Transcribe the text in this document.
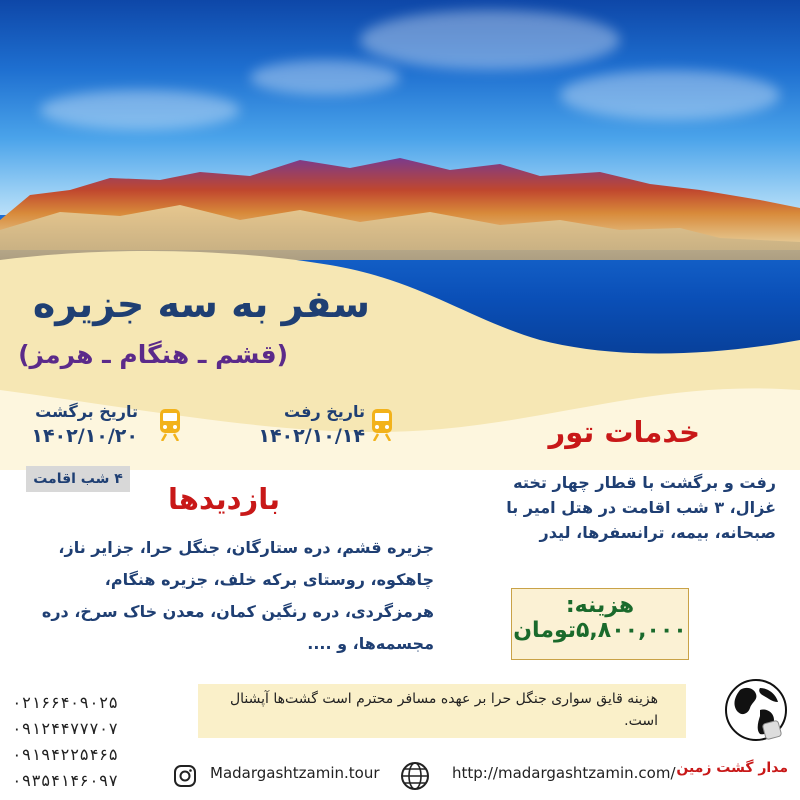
سفر به سه جزیره
(قشم ـ هنگام ـ هرمز)
تاریخ رفت
۱۴۰۲/۱۰/۱۴
تاریخ برگشت
۱۴۰۲/۱۰/۲۰
۴ شب اقامت
خدمات تور
رفت و برگشت با قطار چهار تخته غزال، ۳ شب اقامت در هتل امیر با صبحانه، بیمه، ترانسفرها، لیدر
بازدیدها
جزیره قشم، دره ستارگان، جنگل حرا، جزایر ناز، چاهکوه، روستای برکه خلف، جزیره هنگام، هرمزگردی، دره رنگین کمان، معدن خاک سرخ، دره مجسمه‌ها، و ....
هزینه:
۵,۸۰۰,۰۰۰تومان
۰۲۱۶۶۴۰۹۰۲۵
۰۹۱۲۴۴۷۷۷۰۷
۰۹۱۹۴۲۲۵۴۶۵
۰۹۳۵۴۱۴۶۰۹۷
هزینه قایق سواری جنگل حرا بر عهده مسافر محترم است گشت‌ها آپشنال است.
Madargashtzamin.tour	http://madargashtzamin.com/ مدار گشت زمین
